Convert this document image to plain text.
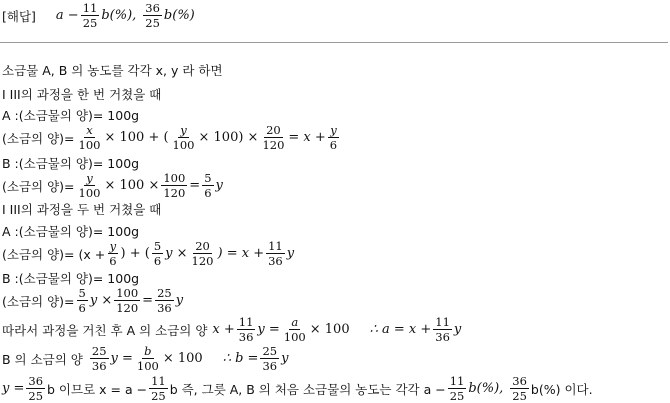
[해답] $a - \frac{11}{25} b(\%)$, $\frac{36}{25} b(\%)$
소금물 A, B 의 농도를 각각 x, y 라 하면
I III의 과정을 한 번 거쳤을 때
A :(소금물의 양)= 100g
(소금의 양)= $\frac{x}{100} \times 100$ + ( $\frac{y}{100} \times 100) \times \frac{20}{120} = x + \frac{y}{6}$
B :(소금물의 양)= 100g
(소금의 양)= $\frac{y}{100} \times 100 \times \frac{100}{120} = \frac{5}{6}$ y
I III의 과정을 두 번 거쳤을 때
A :(소금물의 양)= 100g
(소금의 양)= ($x + \frac{y}{6}$ ) + ( $\frac{5}{6}$ $y \times \frac{20}{120}$ ) = $x + \frac{11}{36}$ y
B :(소금물의 양)= 100g
(소금의 양)= $\frac{5}{6}$ $y \times \frac{100}{120} = \frac{25}{36}$ y
따라서 과정을 거친 후 A 의 소금의 양 $x + \frac{11}{36}$ $y = \frac{a}{100} \times 100$ ∴ $a = x + \frac{11}{36}$ y
B 의 소금의 양 $\frac{25}{36}$ $y = \frac{b}{100} \times 100$ ∴ $b = \frac{25}{36}$ y
$y = \frac{36}{25}$ b 이므로 $x = a - \frac{11}{25}$ b 즉, 그릇 A, B 의 처음 소금물의 농도는 각각 $a - \frac{11}{25} b(\%)$, $\frac{36}{25} b(\%)$ 이다.
